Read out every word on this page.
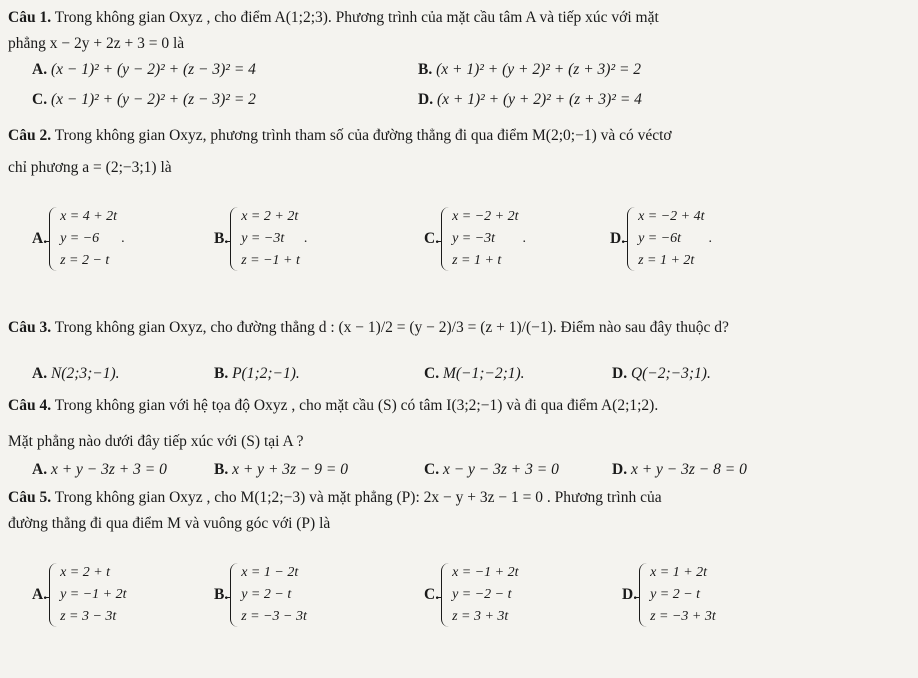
Câu 1. Trong không gian Oxyz , cho điểm A(1;2;3). Phương trình của mặt cầu tâm A và tiếp xúc với mặt
phẳng x − 2y + 2z + 3 = 0 là
A. (x − 1)² + (y − 2)² + (z − 3)² = 4	B. (x + 1)² + (y + 2)² + (z + 3)² = 2
C. (x − 1)² + (y − 2)² + (z − 3)² = 2	D. (x + 1)² + (y + 2)² + (z + 3)² = 4
Câu 2. Trong không gian Oxyz, phương trình tham số của đường thẳng đi qua điểm M(2;0;−1) và có véctơ
chỉ phương a = (2;−3;1) là
A.
x = 4 + 2t
y = −6
z = 2 − t
.	B.
x = 2 + 2t
y = −3t
z = −1 + t
.	C.
x = −2 + 2t
y = −3t
z = 1 + t
.	D.
x = −2 + 4t
y = −6t
z = 1 + 2t
.
Câu 3. Trong không gian Oxyz, cho đường thẳng d : (x − 1)/2 = (y − 2)/3 = (z + 1)/(−1). Điểm nào sau đây thuộc d?
A. N(2;3;−1).	B. P(1;2;−1).	C. M(−1;−2;1).	D. Q(−2;−3;1).
Câu 4. Trong không gian với hệ tọa độ Oxyz , cho mặt cầu (S) có tâm I(3;2;−1) và đi qua điểm A(2;1;2).
Mặt phẳng nào dưới đây tiếp xúc với (S) tại A ?
A. x + y − 3z + 3 = 0	B. x + y + 3z − 9 = 0	C. x − y − 3z + 3 = 0	D. x + y − 3z − 8 = 0
Câu 5. Trong không gian Oxyz , cho M(1;2;−3) và mặt phẳng (P): 2x − y + 3z − 1 = 0 . Phương trình của
đường thẳng đi qua điểm M và vuông góc với (P) là
A.
x = 2 + t
y = −1 + 2t
z = 3 − 3t
B.
x = 1 − 2t
y = 2 − t
z = −3 − 3t
C.
x = −1 + 2t
y = −2 − t
z = 3 + 3t
D.
x = 1 + 2t
y = 2 − t
z = −3 + 3t
